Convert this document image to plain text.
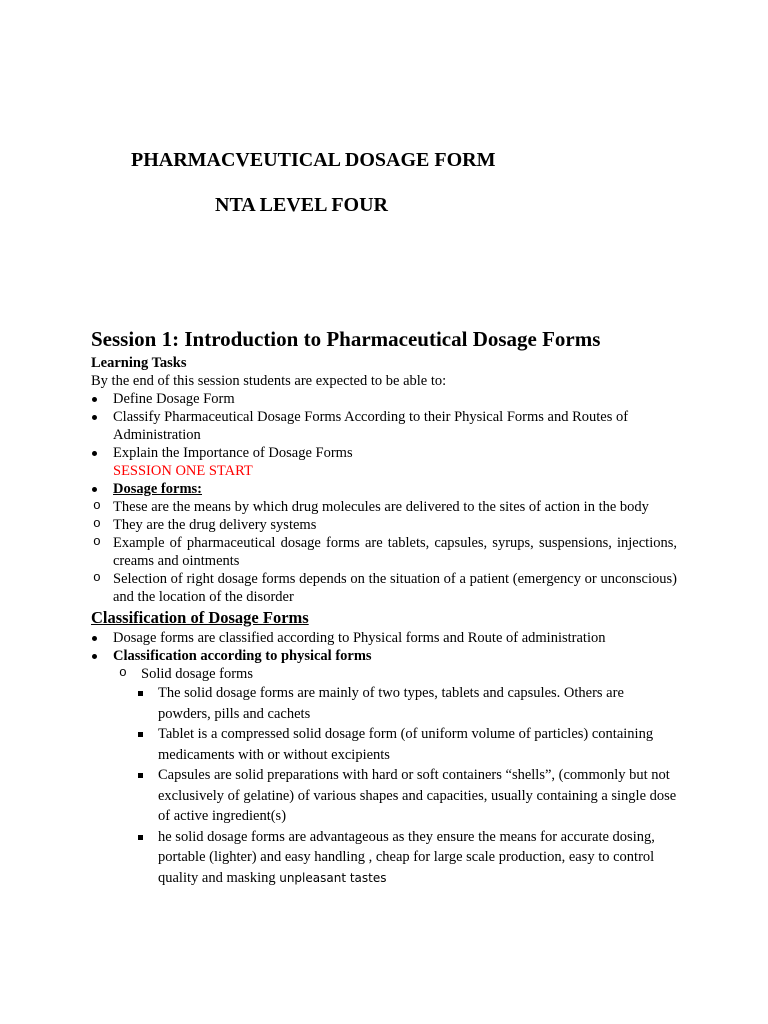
PHARMACVEUTICAL DOSAGE FORM
NTA LEVEL FOUR
Session 1: Introduction to Pharmaceutical Dosage Forms

Learning Tasks

By the end of this session students are expected to be able to:

Define Dosage Form
Classify Pharmaceutical Dosage Forms According to their Physical Forms and Routes of Administration
Explain the Importance of Dosage Forms
SESSION ONE START
Dosage forms:
o These are the means by which drug molecules are delivered to the sites of action in the body
o They are the drug delivery systems
o Example of pharmaceutical dosage forms are tablets, capsules, syrups, suspensions, injections, creams and ointments
o Selection of right dosage forms depends on the situation of a patient (emergency or unconscious) and the location of the disorder
Classification of Dosage Forms
Dosage forms are classified according to Physical forms and Route of administration
Classification according to physical forms
o Solid dosage forms
The solid dosage forms are mainly of two types, tablets and capsules. Others are powders, pills and cachets
Tablet is a compressed solid dosage form (of uniform volume of particles) containing medicaments with or without excipients
Capsules are solid preparations with hard or soft containers “shells”, (commonly but not exclusively of gelatine) of various shapes and capacities, usually containing a single dose of active ingredient(s)
he solid dosage forms are advantageous as they ensure the means for accurate dosing, portable (lighter) and easy handling , cheap for large scale production, easy to control quality and masking unpleasant tastes
